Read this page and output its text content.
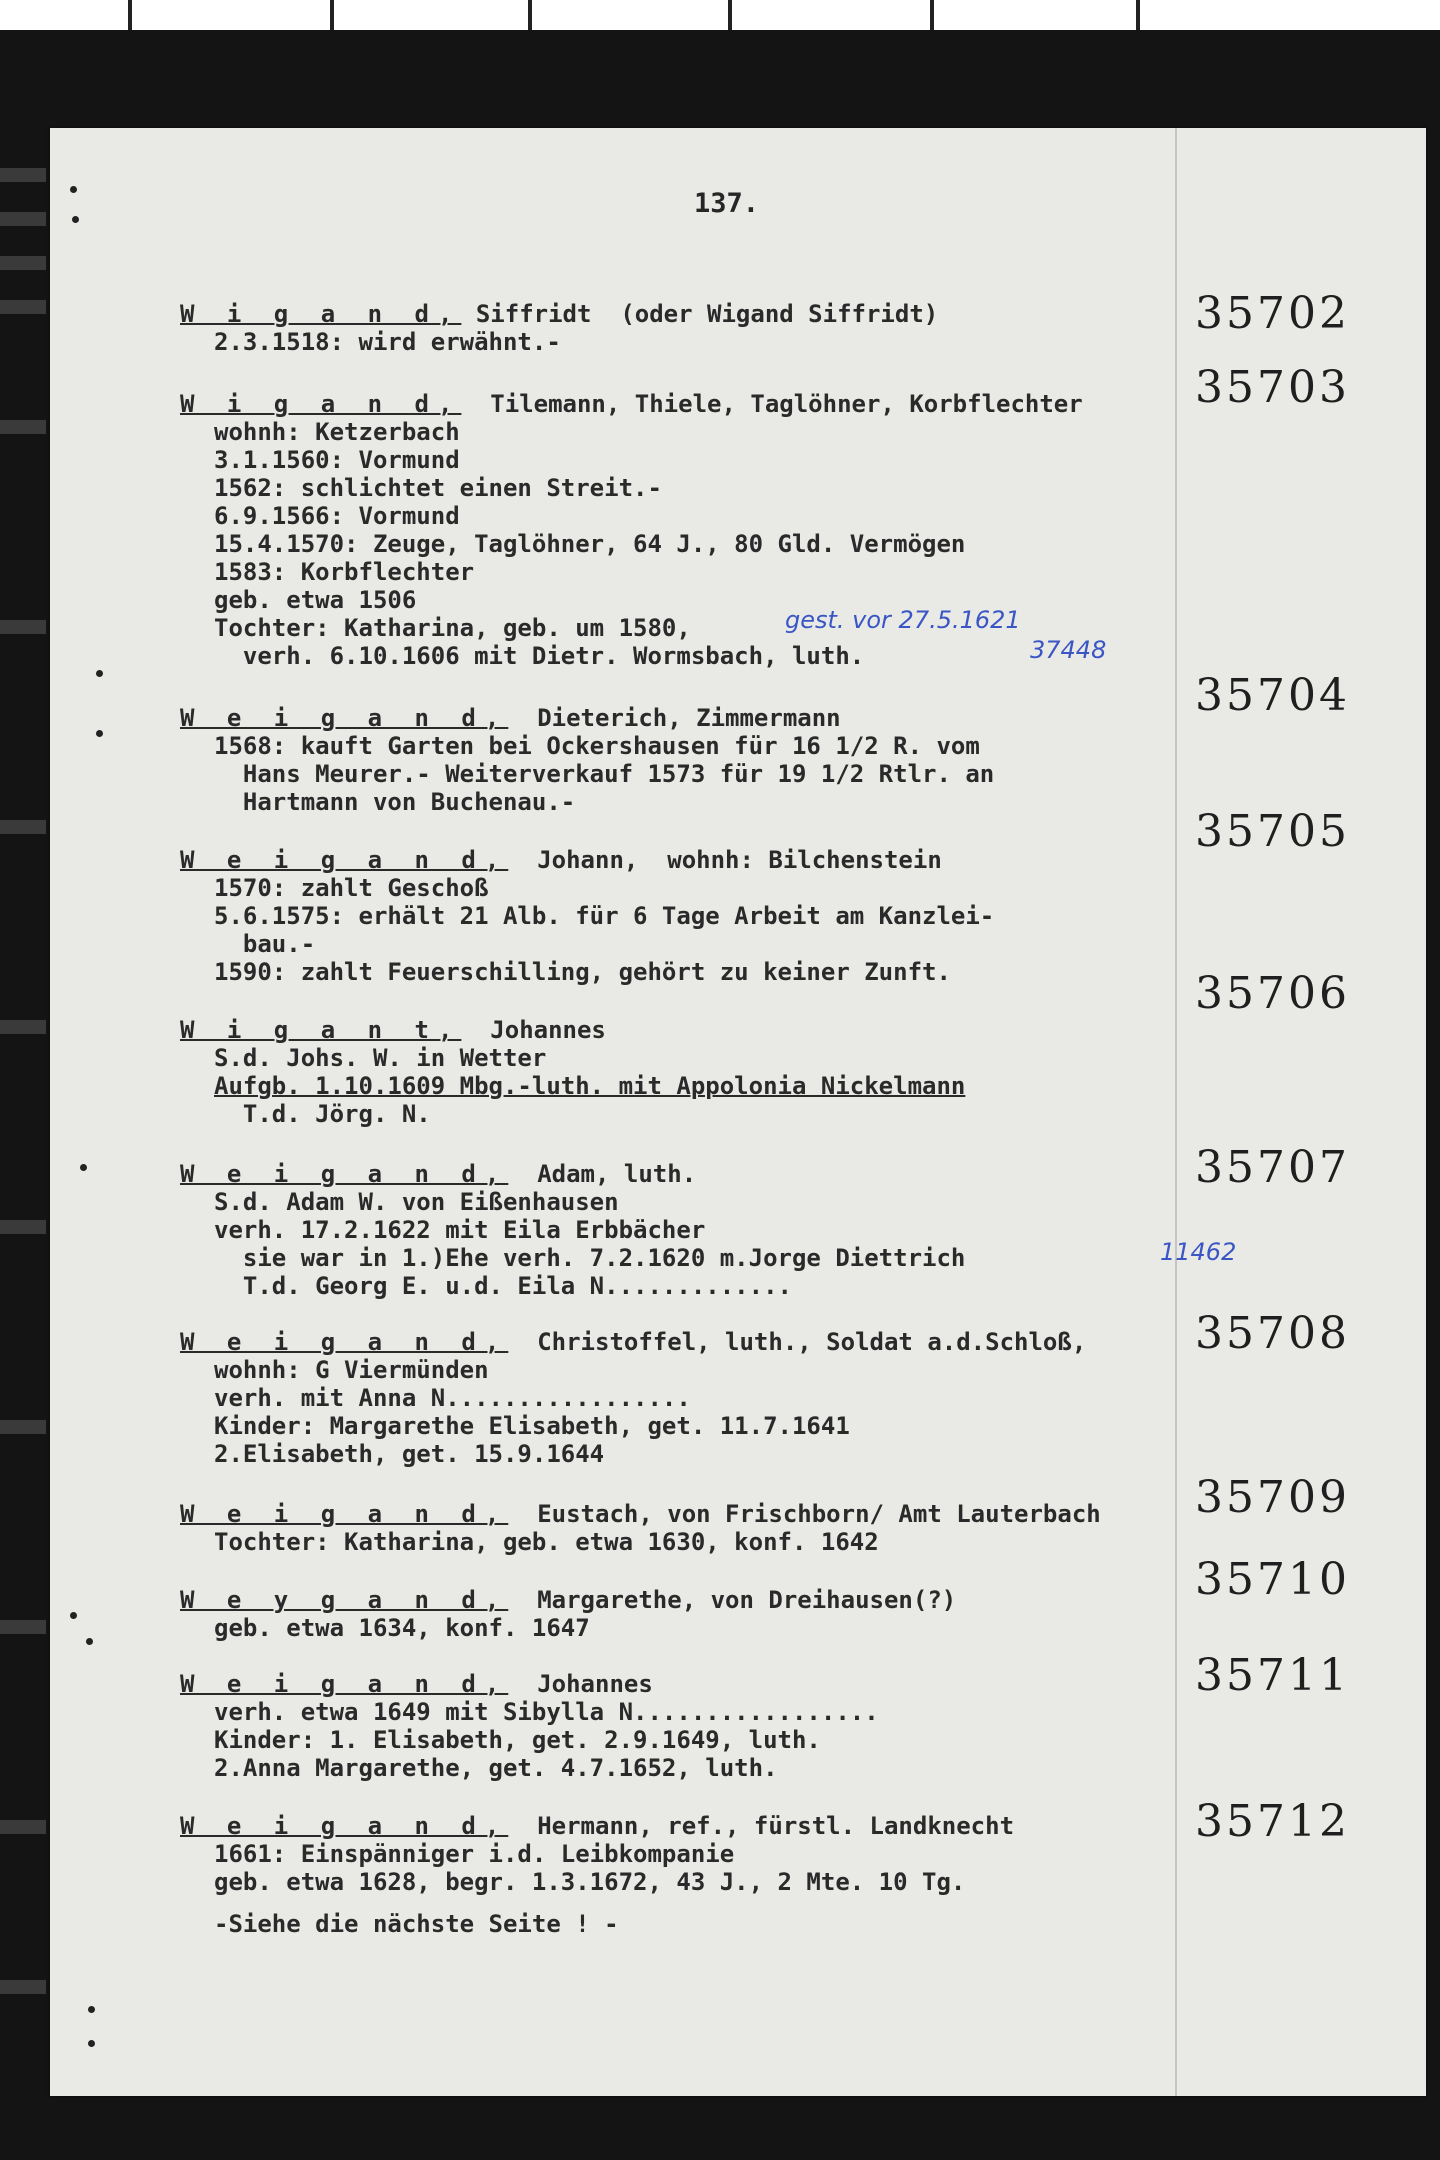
137.
W i g a n d, Siffridt  (oder Wigand Siffridt)
2.3.1518: wird erwähnt.-
35702
W i g a n d,  Tilemann, Thiele, Taglöhner, Korbflechter
wohnh: Ketzerbach
3.1.1560: Vormund
1562: schlichtet einen Streit.-
6.9.1566: Vormund
15.4.1570: Zeuge, Taglöhner, 64 J., 80 Gld. Vermögen
1583: Korbflechter
geb. etwa 1506
Tochter: Katharina, geb. um 1580,
verh. 6.10.1606 mit Dietr. Wormsbach, luth.
35703
gest. vor 27.5.1621
37448
W e i g a n d,  Dieterich, Zimmermann
1568: kauft Garten bei Ockershausen für 16 1/2 R. vom
Hans Meurer.- Weiterverkauf 1573 für 19 1/2 Rtlr. an
Hartmann von Buchenau.-
35704
W e i g a n d,  Johann,  wohnh: Bilchenstein
1570: zahlt Geschoß
5.6.1575: erhält 21 Alb. für 6 Tage Arbeit am Kanzlei-
bau.-
1590: zahlt Feuerschilling, gehört zu keiner Zunft.
35705
W i g a n t,  Johannes
S.d. Johs. W. in Wetter
Aufgb. 1.10.1609 Mbg.-luth. mit Appolonia Nickelmann
T.d. Jörg. N.
35706
W e i g a n d,  Adam, luth.
S.d. Adam W. von Eißenhausen
verh. 17.2.1622 mit Eila Erbbächer
sie war in 1.)Ehe verh. 7.2.1620 m.Jorge Diettrich
T.d. Georg E. u.d. Eila N.............
35707
11462
W e i g a n d,  Christoffel, luth., Soldat a.d.Schloß,
wohnh: G Viermünden
verh. mit Anna N.................
Kinder: Margarethe Elisabeth, get. 11.7.1641
2.Elisabeth, get. 15.9.1644
35708
W e i g a n d,  Eustach, von Frischborn/ Amt Lauterbach
Tochter: Katharina, geb. etwa 1630, konf. 1642
35709
W e y g a n d,  Margarethe, von Dreihausen(?)
geb. etwa 1634, konf. 1647
35710
W e i g a n d,  Johannes
verh. etwa 1649 mit Sibylla N.................
Kinder: 1. Elisabeth, get. 2.9.1649, luth.
2.Anna Margarethe, get. 4.7.1652, luth.
35711
W e i g a n d,  Hermann, ref., fürstl. Landknecht
1661: Einspänniger i.d. Leibkompanie
geb. etwa 1628, begr. 1.3.1672, 43 J., 2 Mte. 10 Tg.
35712
-Siehe die nächste Seite ! -
